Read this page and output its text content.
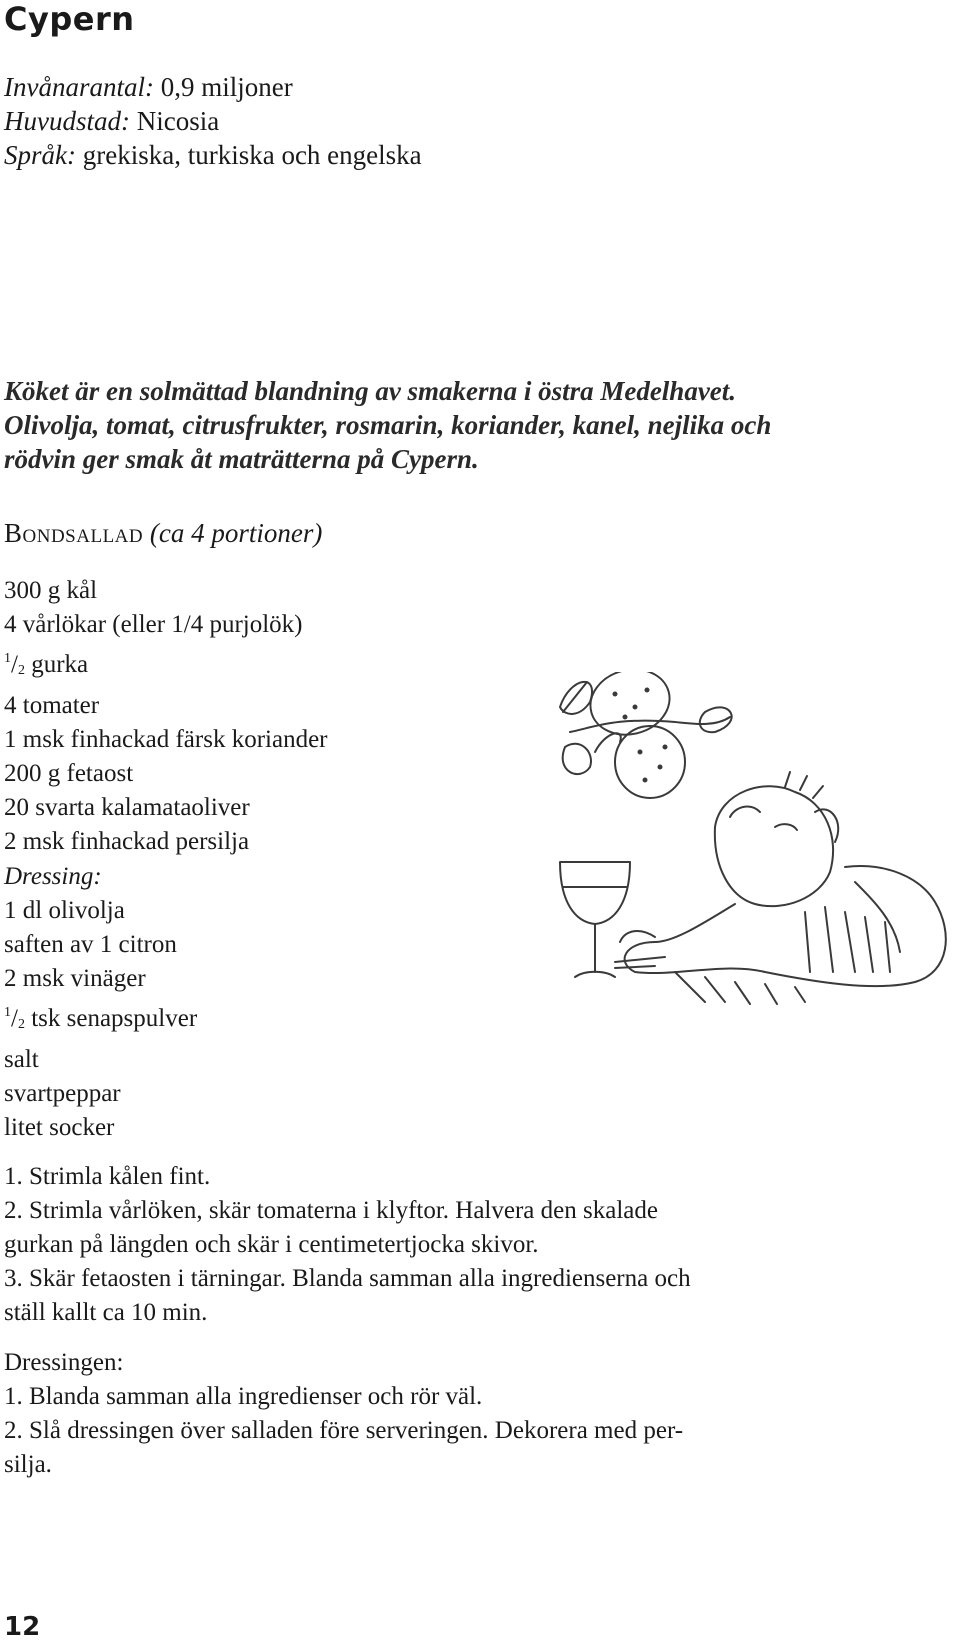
Cypern
Invånarantal: 0,9 miljoner
Huvudstad: Nicosia
Språk: grekiska, turkiska och engelska
Köket är en solmättad blandning av smakerna i östra Medelhavet.
Olivolja, tomat, citrusfrukter, rosmarin, koriander, kanel, nejlika och
rödvin ger smak åt maträtterna på Cypern.
Bondsallad (ca 4 portioner)
300 g kål
4 vårlökar (eller 1/4 purjolök)
$^1/_2$ gurka
4 tomater
1 msk finhackad färsk koriander
200 g fetaost
20 svarta kalamataoliver
2 msk finhackad persilja
Dressing:
1 dl olivolja
saften av 1 citron
2 msk vinäger
$^1/_2$ tsk senapspulver
salt
svartpeppar
litet socker
1. Strimla kålen fint.
2. Strimla vårlöken, skär tomaterna i klyftor. Halvera den skalade
gurkan på längden och skär i centimetertjocka skivor.
3. Skär fetaosten i tärningar. Blanda samman alla ingredienserna och
ställ kallt ca 10 min.
Dressingen:
1. Blanda samman alla ingredienser och rör väl.
2. Slå dressingen över salladen före serveringen. Dekorera med per-
silja.
12
